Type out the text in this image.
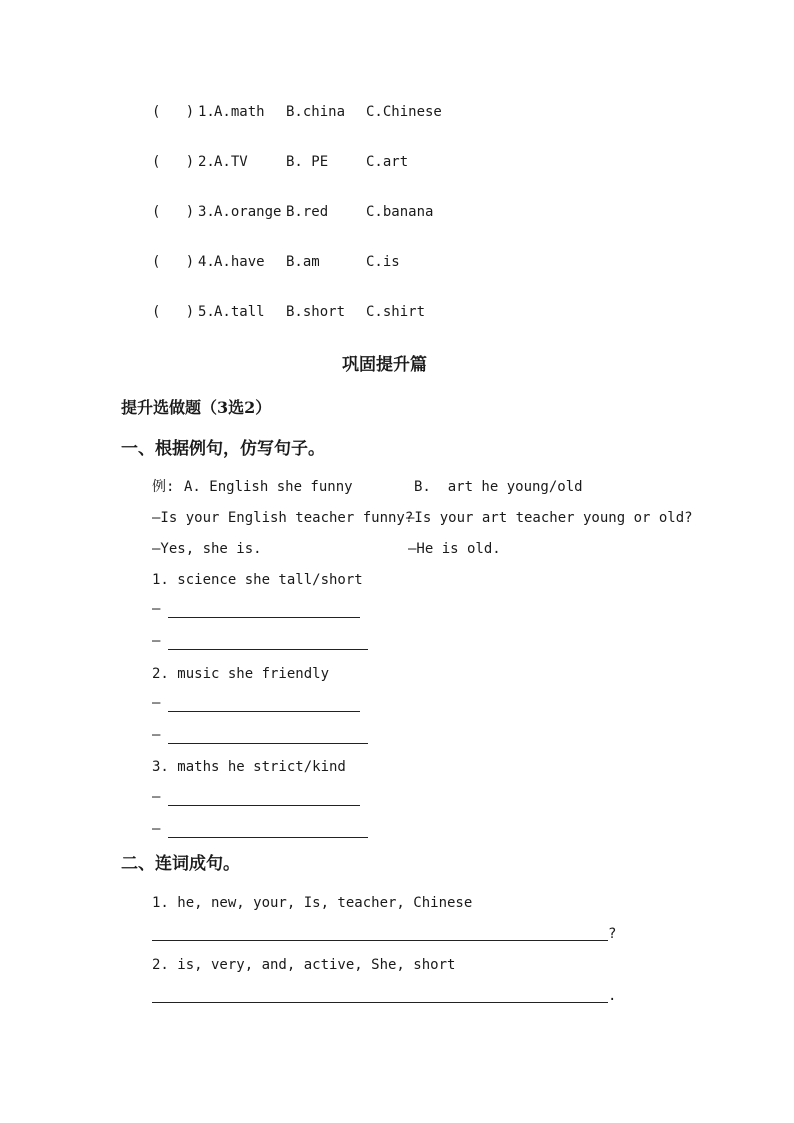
(   ) 1. A.math B.china C.Chinese
(   ) 2. A.TV	B. PE	C.art
(   ) 3. A.orange B.red	C.banana
(   ) 4. A.have B.am	C.is
(   ) 5. A.tall B.short C.shirt
巩固提升篇
提升选做题（3选2）
一、根据例句，仿写句子。
例: A. English she funny	B.  art he young/old
—Is your English teacher funny?
—Is your art teacher young or old?
—Yes, she is.	—He is old.
1. science she tall/short
—
—
2. music she friendly
—
—
3. maths he strict/kind
—
—
二、连词成句。
1. he, new, your, Is, teacher, Chinese
?
2. is, very, and, active, She, short
.
